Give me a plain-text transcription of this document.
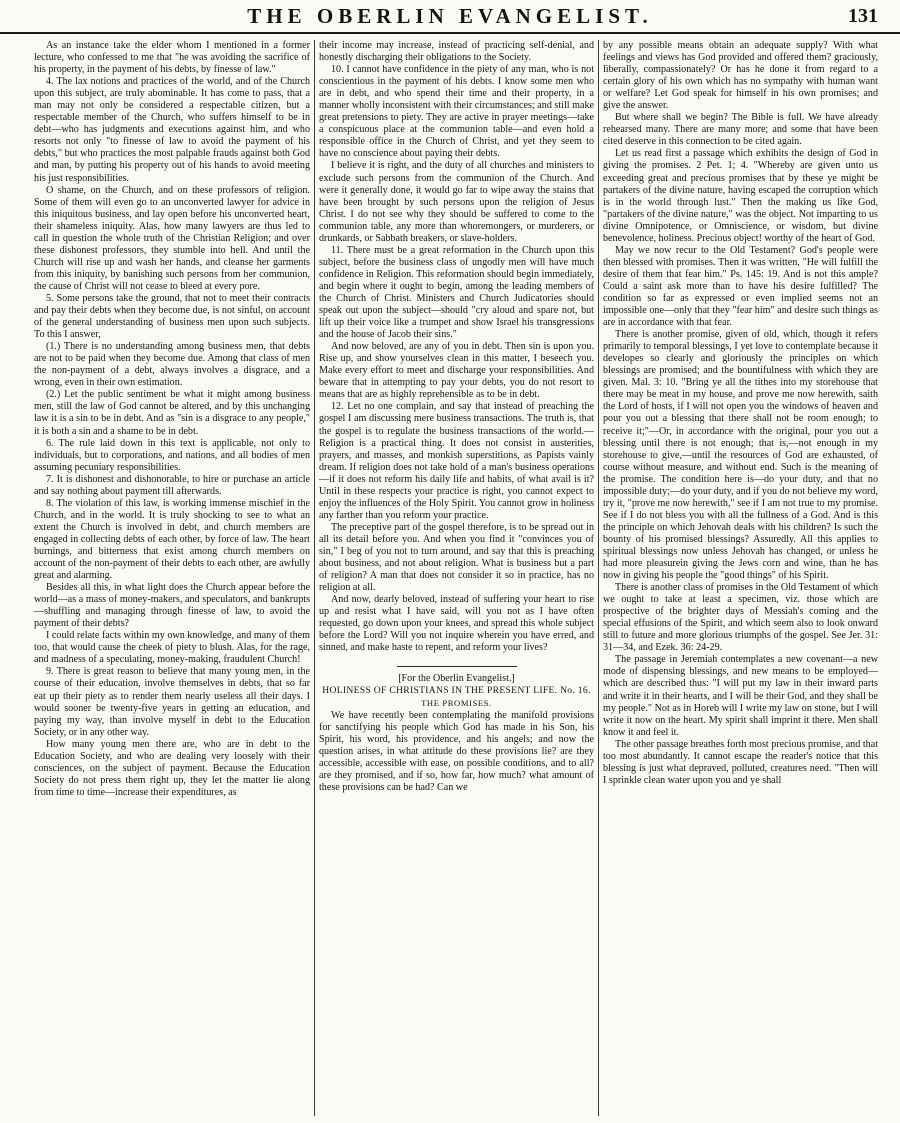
THE OBERLIN EVANGELIST.	131

As an instance take the elder whom I mentioned in a former lecture, who confessed to me that "he was avoiding the sacrifice of his property, in the payment of his debts, by finesse of law."

4. The lax notions and practices of the world, and of the Church upon this subject, are truly abominable. It has come to pass, that a man may not only be considered a respectable citizen, but a respectable member of the Church, who suffers himself to be in debt—who has judgments and executions against him, and who resorts not only "to finesse of law to avoid the payment of his debts," but who practices the most palpable frauds against both God and man, by putting his property out of his hands to avoid meeting his just responsibilities.

O shame, on the Church, and on these professors of religion. Some of them will even go to an unconverted lawyer for advice in this iniquitous business, and lay open before his unconverted heart, their shameless iniquity. Alas, how many lawyers are thus led to call in question the whole truth of the Christian Religion; and over these dishonest professors, they stumble into hell. And until the Church will rise up and wash her hands, and cleanse her garments from this iniquity, by banishing such persons from her communion, the cause of Christ will not cease to bleed at every pore.

5. Some persons take the ground, that not to meet their contracts and pay their debts when they become due, is not sinful, on account of the general understanding of business men upon such subjects. To this I answer,

(1.) There is no understanding among business men, that debts are not to be paid when they become due. Among that class of men the non-payment of a debt, always involves a disgrace, and a wrong, even in their own estimation.

(2.) Let the public sentiment be what it might among business men, still the law of God cannot be altered, and by this unchanging law it is a sin to be in debt. And as "sin is a disgrace to any people," it is both a sin and a shame to be in debt.

6. The rule laid down in this text is applicable, not only to individuals, but to corporations, and nations, and all bodies of men assuming pecuniary responsibilities.

7. It is dishonest and dishonorable, to hire or purchase an article and say nothing about payment till afterwards.

8. The violation of this law, is working immense mischief in the Church, and in the world. It is truly shocking to see to what an extent the Church is involved in debt, and church members are engaged in collecting debts of each other, by force of law. The heart burnings, and bitterness that exist among church members on account of the non-payment of their debts to each other, are awfully great and alarming.

Besides all this, in what light does the Church appear before the world—as a mass of money-makers, and speculators, and bankrupts—shuffling and managing through finesse of law, to avoid the payment of their debts?

I could relate facts within my own knowledge, and many of them too, that would cause the cheek of piety to blush. Alas, for the rage, and madness of a speculating, money-making, fraudulent Church!

9. There is great reason to believe that many young men, in the course of their education, involve themselves in debts, that so far eat up their piety as to render them nearly useless all their days. I would sooner be twenty-five years in getting an education, and paying my way, than involve myself in debt to the Education Society, or in any other way.

How many young men there are, who are in debt to the Education Society, and who are dealing very loosely with their consciences, on the subject of payment. Because the Education Society do not press them right up, they let the matter lie along from time to time—increase their expenditures, as

their income may increase, instead of practicing self-denial, and honestly discharging their obligations to the Society.

10. I cannot have confidence in the piety of any man, who is not conscientious in the payment of his debts. I know some men who are in debt, and who spend their time and their property, in a manner wholly inconsistent with their circumstances; and still make great pretensions to piety. They are active in prayer meetings—take a conspicuous place at the communion table—and even hold a responsible office in the Church of Christ, and yet they seem to have no conscience about paying their debts.

I believe it is right, and the duty of all churches and ministers to exclude such persons from the communion of the Church. And were it generally done, it would go far to wipe away the stains that have been brought by such persons upon the religion of Jesus Christ. I do not see why they should be suffered to come to the communion table, any more than whoremongers, or murderers, or drunkards, or Sabbath breakers, or slave-holders.

11. There must be a great reformation in the Church upon this subject, before the business class of ungodly men will have much confidence in Religion. This reformation should begin immediately, and begin where it ought to begin, among the leading members of the Church of Christ. Ministers and Church Judicatories should speak out upon the subject—should "cry aloud and spare not, but lift up their voice like a trumpet and show Israel his transgressions and the house of Jacob their sins."

And now beloved, are any of you in debt. Then sin is upon you. Rise up, and show yourselves clean in this matter, I beseech you. Make every effort to meet and discharge your responsibilities. And beware that in attempting to pay your debts, you do not resort to means that are as highly reprehensible as to be in debt.

12. Let no one complain, and say that instead of preaching the gospel I am discussing mere business transactions. The truth is, that the gospel is to regulate the business transactions of the world.—Religion is a practical thing. It does not consist in austerities, prayers, and masses, and monkish superstitions, as Papists vainly dream. If religion does not take hold of a man's business operations—if it does not reform his daily life and habits, of what avail is it? Until in these respects your practice is right, you cannot expect to enjoy the influences of the Holy Spirit. You cannot grow in holiness any farther than you reform your practice.

The preceptive part of the gospel therefore, is to be spread out in all its detail before you. And when you find it "convinces you of sin," I beg of you not to turn around, and say that this is preaching about business, and not about religion. What is business but a part of religion? A man that does not consider it so in practice, has no religion at all.

And now, dearly beloved, instead of suffering your heart to rise up and resist what I have said, will you not as I have often requested, go down upon your knees, and spread this whole subject before the Lord? Will you not inquire wherein you have erred, and sinned, and make haste to repent, and reform your lives?

[For the Oberlin Evangelist.]

HOLINESS OF CHRISTIANS IN THE PRESENT LIFE. No. 16.

THE PROMISES.

We have recently been contemplating the manifold provisions for sanctifying his people which God has made in his Son, his Spirit, his word, his providence, and his angels; and now the question arises, in what attitude do these provisions lie? are they accessible, accessible with ease, on possible conditions, and to all? are they promised, and if so, how far, how much? what amount of these provisions can be had? Can we

by any possible means obtain an adequate supply? With what feelings and views has God provided and offered them? graciously, liberally, compassionately? Or has he done it from regard to a certain glory of his own which has no sympathy with human want or welfare? Let God speak for himself in his own promises; and give the answer.

But where shall we begin? The Bible is full. We have already rehearsed many. There are many more; and some that have been cited deserve in this connection to be cited again.

Let us read first a passage which exhibits the design of God in giving the promises. 2 Pet. 1; 4. "Whereby are given unto us exceeding great and precious promises that by these ye might be partakers of the divine nature, having escaped the corruption which is in the world through lust." Then the making us like God, "partakers of the divine nature," was the object. Not imparting to us divine Omnipotence, or Omniscience, or wisdom, but divine benevolence, holiness. Precious object! worthy of the heart of God.

May we now recur to the Old Testament? God's people were then blessed with promises. Then it was written, "He will fulfill the desire of them that fear him." Ps. 145: 19. And is not this ample? Could a saint ask more than to have his desire fulfilled? The condition so far as expressed or even implied seems not an impossible one—only that they "fear him" and desire such things as are in accordance with that fear.

There is another promise, given of old, which, though it refers primarily to temporal blessings, I yet love to contemplate because it developes so clearly and gloriously the principles on which blessings are promised; and the bountifulness with which they are given. Mal. 3: 10. "Bring ye all the tithes into my storehouse that there may be meat in my house, and prove me now herewith, saith the Lord of hosts, if I will not open you the windows of heaven and pour you out a blessing that there shall not be room enough; to receive it;"—Or, in accordance with the original, pour you out a blessing until there is not enough; that is,—not enough in my storehouse to give,—until the resources of God are exhausted, of course without measure, and without end. Such is the meaning of the promise. The condition here is—do your duty, and that no impossible duty;—do your duty, and if you do not believe my word, try it, "prove me now herewith," see if I am not true to my promise. See if I do not bless you with all the fullness of a God. And is this the principle on which Jehovah deals with his children? Is such the bounty of his promised blessings? Assuredly. All this applies to spiritual blessings now unless Jehovah has changed, or unless he had more pleasurein giving the Jews corn and wine, than he has now in giving his people the "good things" of his Spirit.

There is another class of promises in the Old Testament of which we ought to take at least a specimen, viz. those which are prospective of the brighter days of Messiah's coming and the special effusions of the Spirit, and which seem also to look onward still to future and more glorious triumphs of the gospel. See Jer. 31: 31—34, and Ezek. 36: 24-29.

The passage in Jeremiah contemplates a new covenant—a new mode of dispensing blessings, and new means to be employed—which are described thus: "I will put my law in their inward parts and write it in their hearts, and I will be their God, and they shall be my people." Not as in Horeb will I write my law on stone, but I will write it now on the heart. My spirit shall imprint it there. Men shall know it and feel it.

The other passage breathes forth most precious promise, and that too most abundantly. It cannot escape the reader's notice that this blessing is just what depraved, polluted, creatures need. "Then will I sprinkle clean water upon you and ye shall
